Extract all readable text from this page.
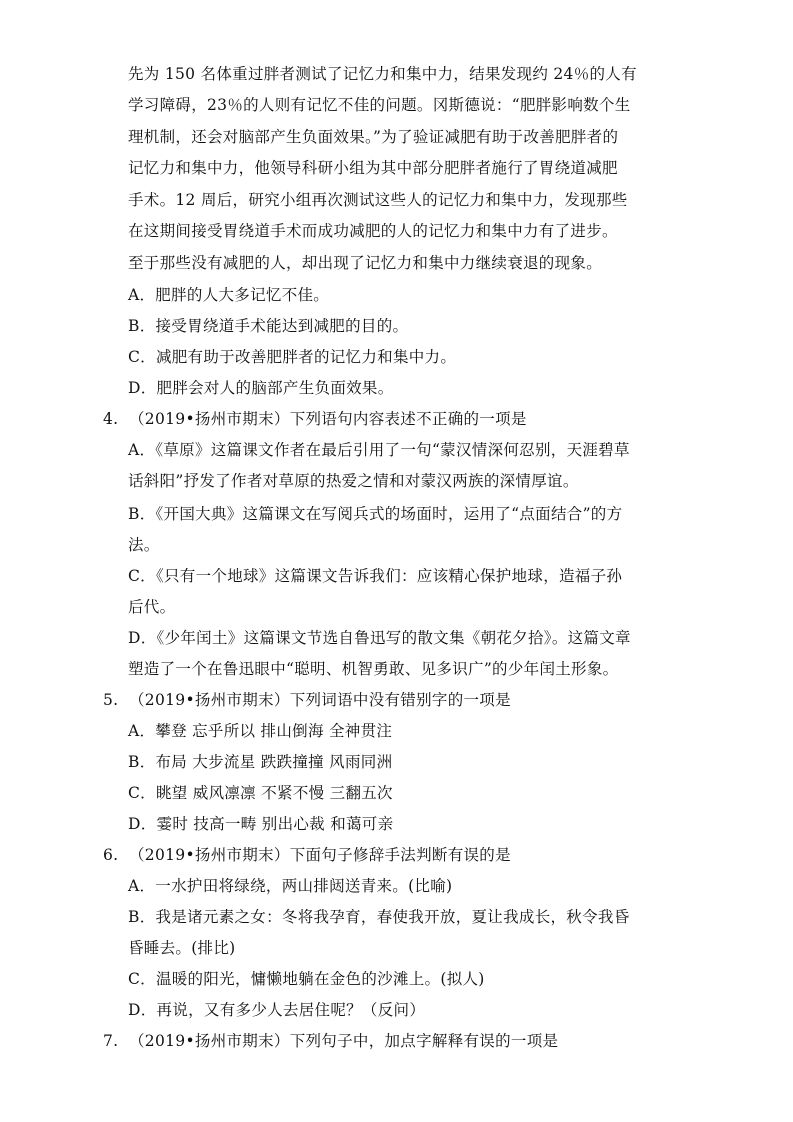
先为 150 名体重过胖者测试了记忆力和集中力，结果发现约 24％的人有
学习障碍，23％的人则有记忆不佳的问题。冈斯德说：“肥胖影响数个生
理机制，还会对脑部产生负面效果。”为了验证减肥有助于改善肥胖者的
记忆力和集中力，他领导科研小组为其中部分肥胖者施行了胃绕道减肥
手术。12 周后，研究小组再次测试这些人的记忆力和集中力，发现那些
在这期间接受胃绕道手术而成功减肥的人的记忆力和集中力有了进步。
至于那些没有减肥的人，却出现了记忆力和集中力继续衰退的现象。
A．肥胖的人大多记忆不佳。
B．接受胃绕道手术能达到减肥的目的。
C．减肥有助于改善肥胖者的记忆力和集中力。
D．肥胖会对人的脑部产生负面效果。
4. （2019•扬州市期末）下列语句内容表述不正确的一项是
A．《草原》这篇课文作者在最后引用了一句“蒙汉情深何忍别，天涯碧草
话斜阳”抒发了作者对草原的热爱之情和对蒙汉两族的深情厚谊。
B．《开国大典》这篇课文在写阅兵式的场面时，运用了“点面结合”的方
法。
C．《只有一个地球》这篇课文告诉我们：应该精心保护地球，造福子孙
后代。
D．《少年闰土》这篇课文节选自鲁迅写的散文集《朝花夕拾》。这篇文章
塑造了一个在鲁迅眼中“聪明、机智勇敢、见多识广”的少年闰土形象。
5. （2019•扬州市期末）下列词语中没有错别字的一项是
A．攀登 忘乎所以 排山倒海 全神贯注
B．布局 大步流星 跌跌撞撞 风雨同洲
C．眺望 威风凛凛 不紧不慢 三翻五次
D．霎时 技高一畴 别出心裁 和蔼可亲
6. （2019•扬州市期末）下面句子修辞手法判断有误的是
A．一水护田将绿绕，两山排闼送青来。(比喻)
B．我是诸元素之女：冬将我孕育，春使我开放，夏让我成长，秋令我昏
昏睡去。(排比)
C．温暖的阳光，慵懒地躺在金色的沙滩上。(拟人)
D．再说，又有多少人去居住呢？（反问）
7. （2019•扬州市期末）下列句子中，加点字解释有误的一项是
